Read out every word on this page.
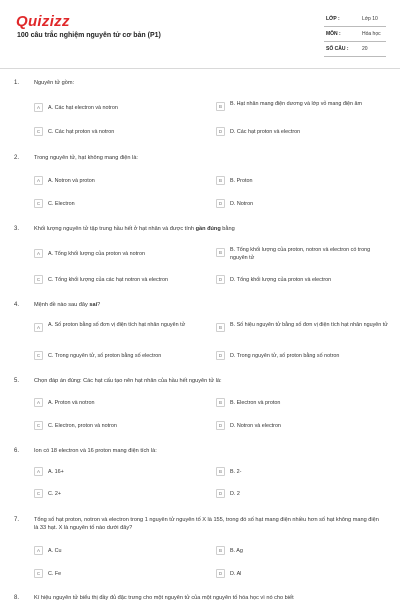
Quizizz
100 câu trắc nghiệm nguyên tử cơ bản (P1)
LỚP :	Lớp 10
MÔN :	Hóa học
SỐ CÂU :	20
1.	Nguyên tử gồm:
A	A. Các hạt electron và notron	B	B. Hạt nhân mang điện dương và lớp vỏ mang điện âm
C	C. Các hạt proton và notron	D	D. Các hạt proton và electron
2.	Trong nguyên tử, hạt không mang điện là:
A	A. Notron và proton	B	B. Proton
C	C. Electron	D	D. Notron
3.	Khối lượng nguyên tử tập trung hầu hết ở hạt nhân và được tính gần đúng bằng
A	A. Tổng khối lượng của proton và notron	B	B. Tổng khối lượng của proton, notron và electron có trong nguyên tử
C	C. Tổng khối lượng của các hạt notron và electron	D	D. Tổng khối lượng của proton và electron
4.	Mệnh đề nào sau đây sai?
A	A. Số proton bằng số đơn vị điện tích hạt nhân nguyên tử	B	B. Số hiệu nguyên tử bằng số đơn vị điện tích hạt nhân nguyên tử
C	C. Trong nguyên tử, số proton bằng số electron	D	D. Trong nguyên tử, số proton bằng số notron
5.	Chọn đáp án đúng: Các hạt cấu tạo nên hạt nhân của hầu hết nguyên tử là:
A	A. Proton và notron	B	B. Electron và proton
C	C. Electron, proton và notron	D	D. Notron và electron
6.	Ion có 18 electron và 16 proton mang điện tích là:
A	A. 16+	B	B. 2-
C	C. 2+	D	D. 2
7.	Tổng số hạt proton, notron và electron trong 1 nguyên tử nguyên tố X là 155, trong đó số hạt mang điện nhiều hơn số hạt không mang điện là 33 hạt. X là nguyên tố nào dưới đây?
A	A. Cu	B	B. Ag
C	C. Fe	D	D. Al
8.	Kí hiệu nguyên tử biểu thị đầy đủ đặc trưng cho một nguyên tử của một nguyên tố hóa học vì nó cho biết
